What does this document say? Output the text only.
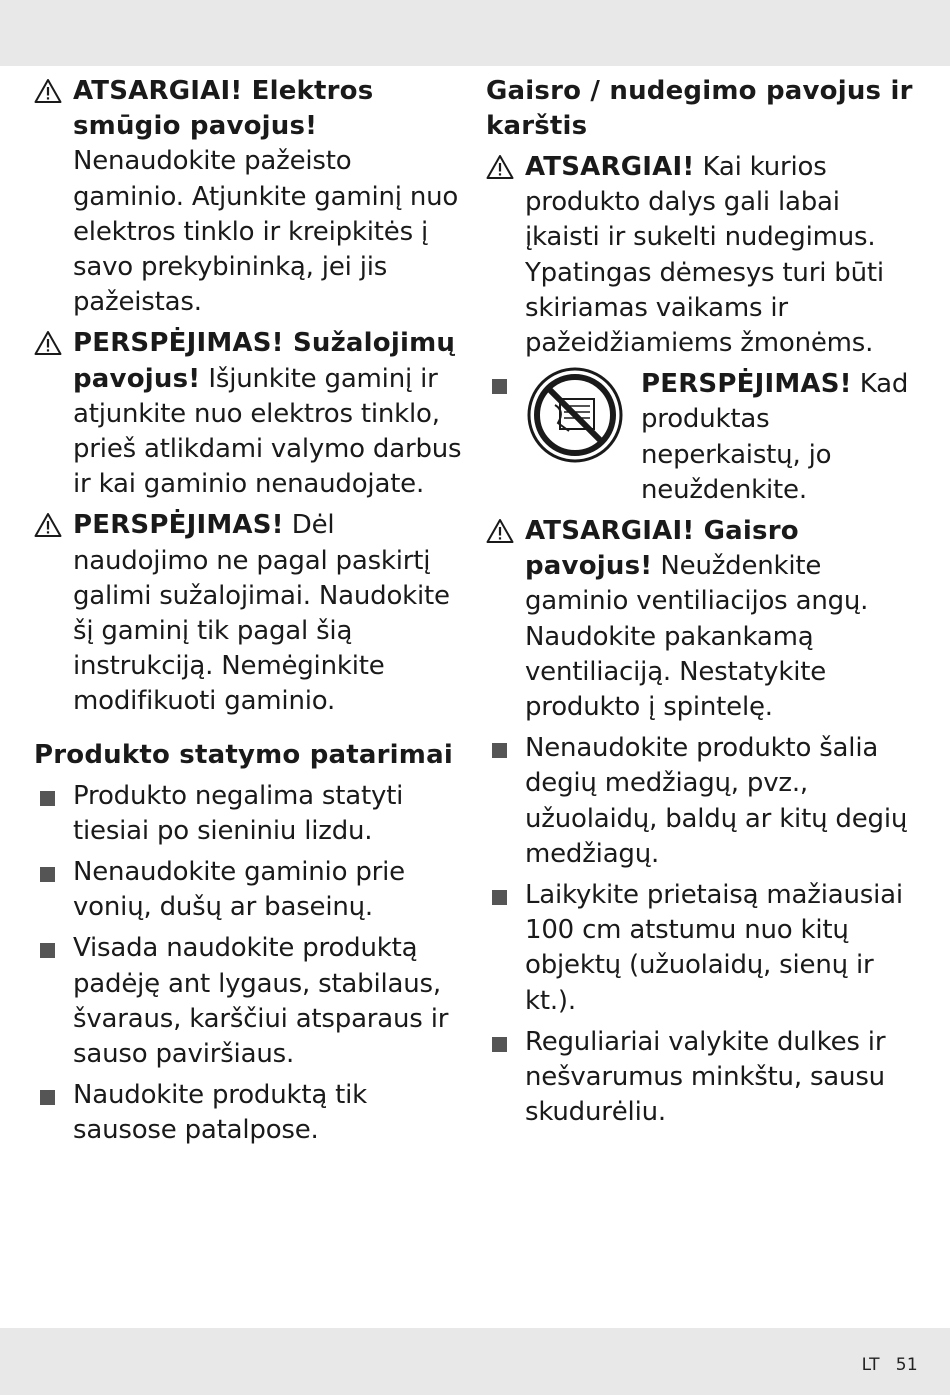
ATSARGIAI! Elektros smūgio pavojus! Nenaudokite pažeisto gaminio. Atjunkite gaminį nuo elektros tinklo ir kreipkitės į savo prekybininką, jei jis pažeistas.
PERSPĖJIMAS! Sužalojimų pavojus! Išjunkite gaminį ir atjunkite nuo elektros tinklo, prieš atlikdami valymo darbus ir kai gaminio nenaudojate.
PERSPĖJIMAS! Dėl naudojimo ne pagal paskirtį galimi sužalojimai. Naudokite šį gaminį tik pagal šią instrukciją. Nemėginkite modifikuoti gaminio.
Produkto statymo patarimai
Produkto negalima statyti tiesiai po sieniniu lizdu.
Nenaudokite gaminio prie vonių, dušų ar baseinų.
Visada naudokite produktą padėję ant lygaus, stabilaus, švaraus, karščiui atsparaus ir sauso paviršiaus.
Naudokite produktą tik sausose patalpose.
Gaisro / nudegimo pavojus ir karštis
ATSARGIAI! Kai kurios produkto dalys gali labai įkaisti ir sukelti nudegimus. Ypatingas dėmesys turi būti skiriamas vaikams ir pažeidžiamiems žmonėms.
PERSPĖJIMAS! Kad produktas neperkaistų, jo neuždenkite.
ATSARGIAI! Gaisro pavojus! Neuždenkite gaminio ventiliacijos angų. Naudokite pakankamą ventiliaciją. Nestatykite produkto į spintelę.
Nenaudokite produkto šalia degių medžiagų, pvz., užuolaidų, baldų ar kitų degių medžiagų.
Laikykite prietaisą mažiausiai 100 cm atstumu nuo kitų objektų (užuolaidų, sienų ir kt.).
Reguliariai valykite dulkes ir nešvarumus minkštu, sausu skudurėliu.
LT 51
